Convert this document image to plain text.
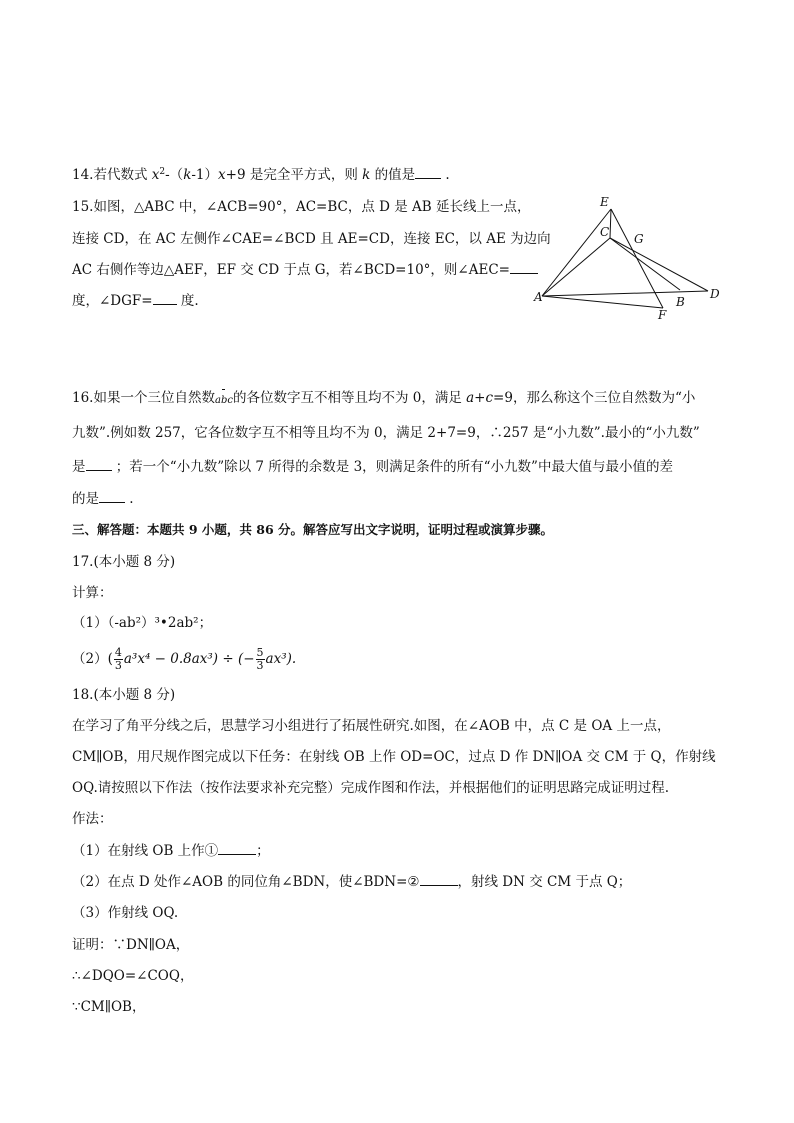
14.若代数式 $x^2-(k-1)x+9$ 是完全平方式，则 k 的值是 .
15.如图，△ABC 中，∠ACB=90°，AC=BC，点 D 是 AB 延长线上一点，
连接 CD，在 AC 左侧作∠CAE=∠BCD 且 AE=CD，连接 EC，以 AE 为边向
AC 右侧作等边△AEF，EF 交 CD 于点 G，若∠BCD=10°，则∠AEC=
度，∠DGF= 度.
E
C G
A	B
D
F
16.如果一个三位自然数abc的各位数字互不相等且均不为 0，满足 a+c=9，那么称这个三位自然数为“小
九数”.例如数 257，它各位数字互不相等且均不为 0，满足 2+7=9，∴257 是“小九数”.最小的“小九数”
是 ；若一个“小九数”除以 7 所得的余数是 3，则满足条件的所有“小九数”中最大值与最小值的差
的是 .
三、解答题：本题共 9 小题，共 86 分。解答应写出文字说明，证明过程或演算步骤。
17.(本小题 8 分)
计算：
（1）（-ab²）³•2ab²；
$(2)( \frac{4}{3} a^3x^4 - 0.8ax^3)$ ÷ (− $\frac{5}{3} ax^3$).
18.(本小题 8 分)
在学习了角平分线之后，思慧学习小组进行了拓展性研究.如图，在∠AOB 中，点 C 是 OA 上一点，
CM∥OB，用尺规作图完成以下任务：在射线 OB 上作 OD=OC，过点 D 作 DN∥OA 交 CM 于 Q，作射线
OQ.请按照以下作法（按作法要求补充完整）完成作图和作法，并根据他们的证明思路完成证明过程.
作法：
（1）在射线 OB 上作①	；
（2）在点 D 处作∠AOB 的同位角∠BDN，使∠BDN=②	，射线 DN 交 CM 于点 Q；
（3）作射线 OQ.
证明：∵DN∥OA，
∴∠DQO=∠COQ，
∵CM∥OB，
